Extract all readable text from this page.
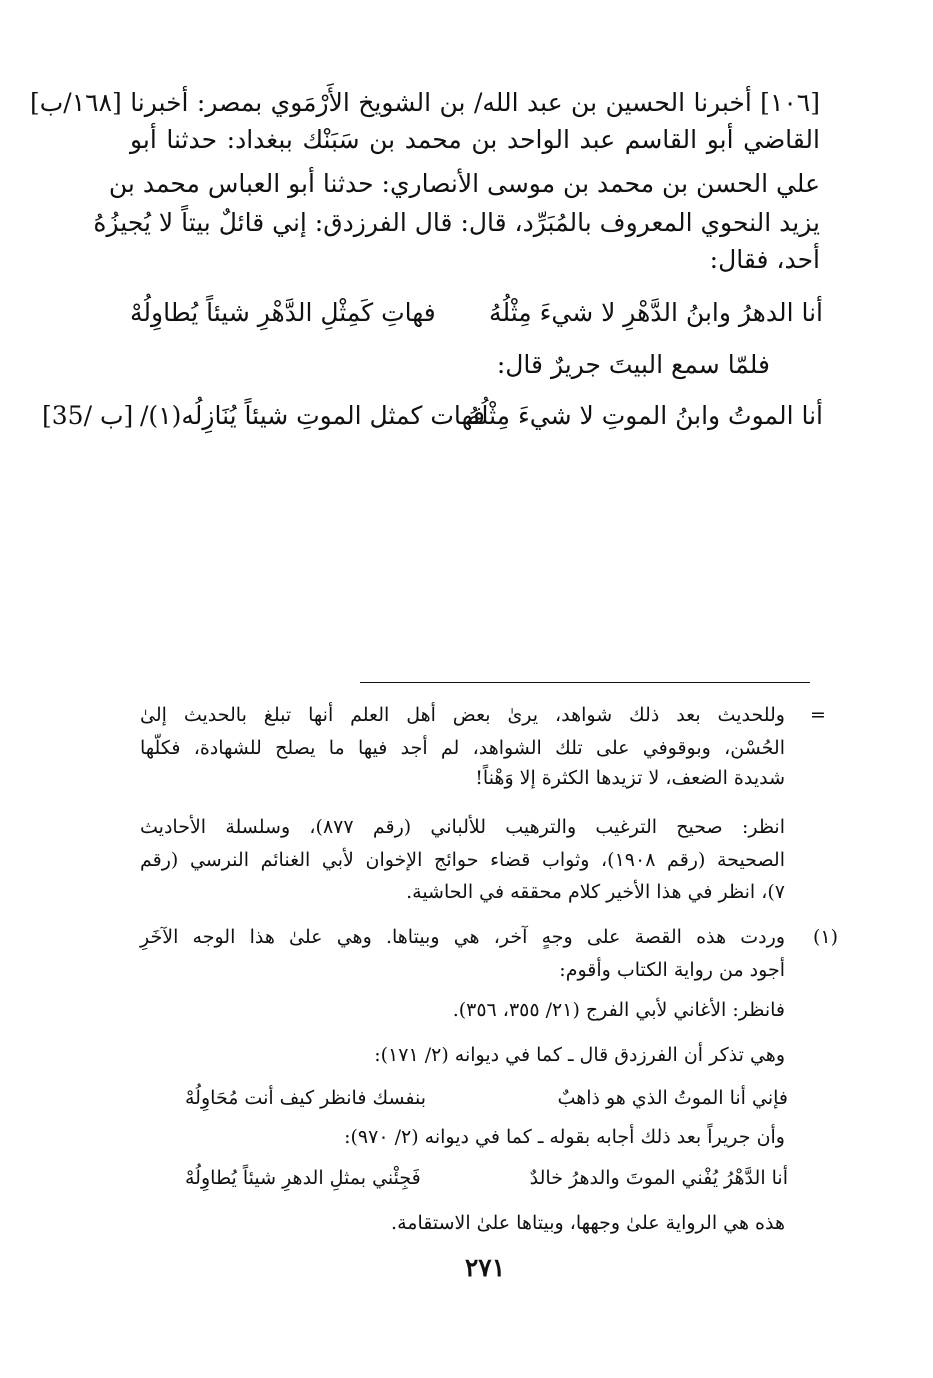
[١٠٦] أخبرنا الحسين بن عبد الله/ بن الشويخ الأَرْمَوي بمصر: أخبرنا [١٦٨/ب]
القاضي أبو القاسم عبد الواحد بن محمد بن سَبَنْك ببغداد: حدثنا أبو
علي الحسن بن محمد بن موسى الأنصاري: حدثنا أبو العباس محمد بن
يزيد النحوي المعروف بالمُبَرِّد، قال: قال الفرزدق: إني قائلٌ بيتاً لا يُجيزُهُ
أحد، فقال:
أنا الدهرُ وابنُ الدَّهْرِ لا شيءَ مِثْلُهُ
فهاتِ كَمِثْلِ الدَّهْرِ شيئاً يُطاوِلُهْ
فلمّا سمع البيتَ جريرٌ قال:
أنا الموتُ وابنُ الموتِ لا شيءَ مِثْلُهُ
فهات كمثل الموتِ شيئاً يُنَازِلُه(١)/
[35/ ب]
=
وللحديث بعد ذلك شواهد، يرىٰ بعض أهل العلم أنها تبلغ بالحديث إلىٰ
الحُسْن، وبوقوفي على تلك الشواهد، لم أجد فيها ما يصلح للشهادة، فكلّها
شديدة الضعف، لا تزيدها الكثرة إلا وَهْناً!
انظر: صحيح الترغيب والترهيب للألباني (رقم ٨٧٧)، وسلسلة الأحاديث
الصحيحة (رقم ١٩٠٨)، وثواب قضاء حوائج الإخوان لأبي الغنائم النرسي (رقم
٧)، انظر في هذا الأخير كلام محققه في الحاشية.
(١)
وردت هذه القصة على وجهٍ آخر، هي وبيتاها. وهي علىٰ هذا الوجه الآخَرِ
أجود من رواية الكتاب وأقوم:
فانظر: الأغاني لأبي الفرج (٢١/ ٣٥٥، ٣٥٦).
وهي تذكر أن الفرزدق قال ـ كما في ديوانه (٢/ ١٧١):
فإني أنا الموتُ الذي هو ذاهبٌ
بنفسك فانظر كيف أنت مُحَاوِلُهْ
وأن جريراً بعد ذلك أجابه بقوله ـ كما في ديوانه (٢/ ٩٧٠):
أنا الدَّهْرُ يُفْني الموتَ والدهرُ خالدٌ
فَجِئْني بمثلِ الدهرِ شيئاً يُطاوِلُهْ
هذه هي الرواية علىٰ وجهها، وبيتاها علىٰ الاستقامة.
٢٧١
